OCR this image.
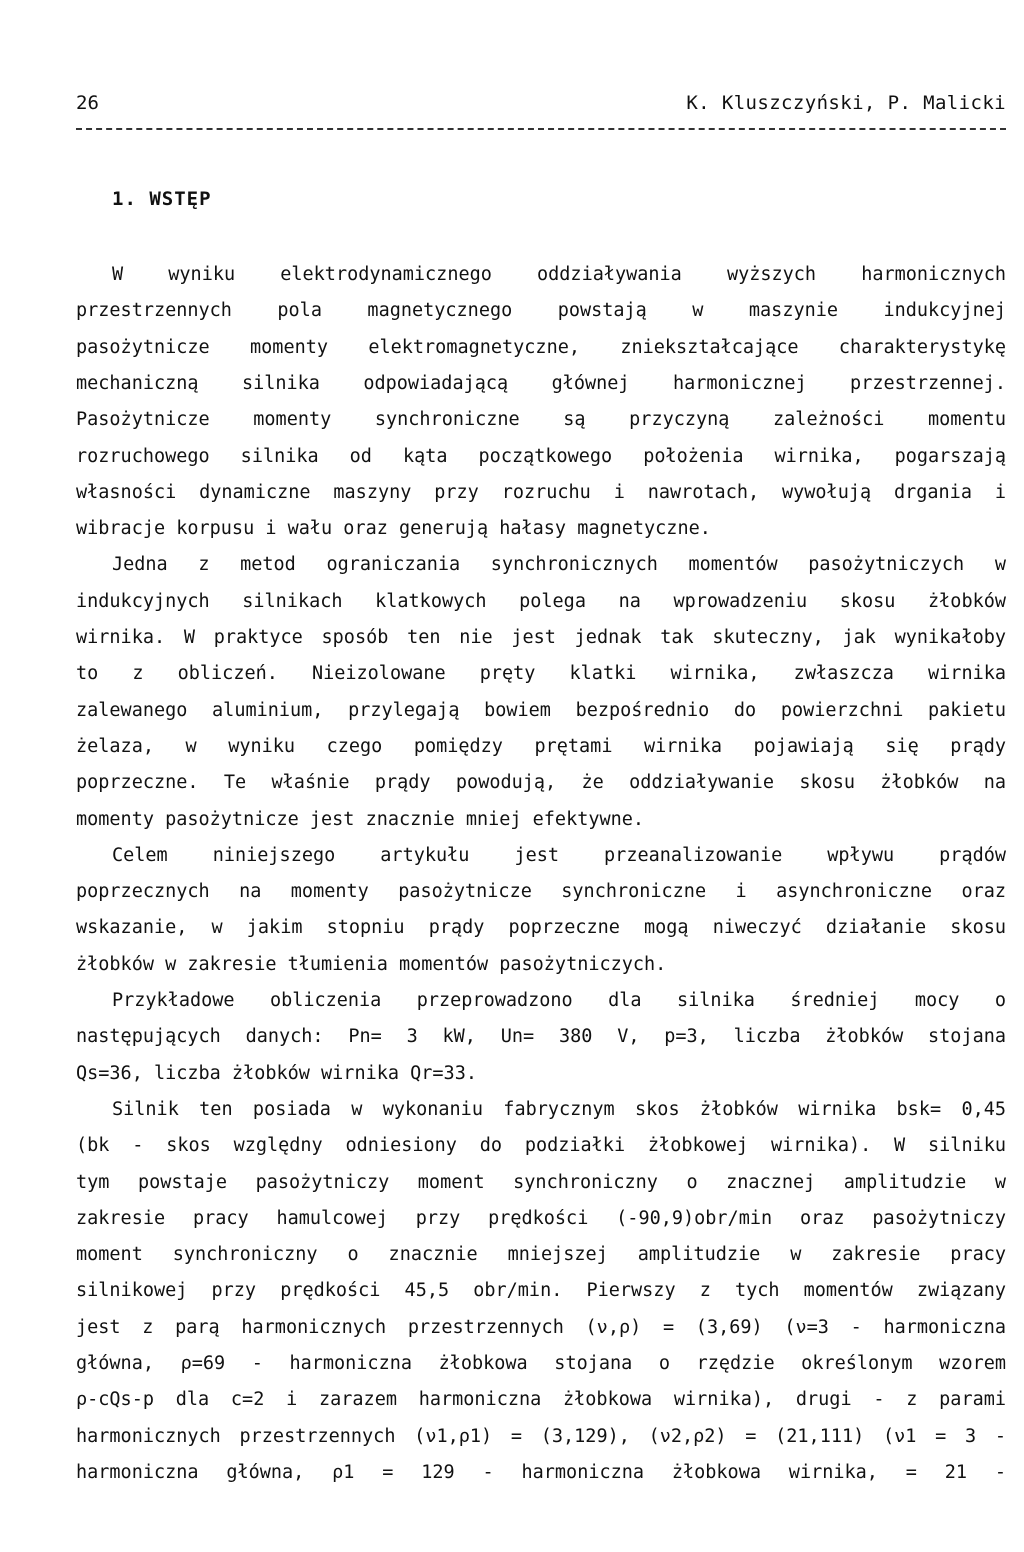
26	K. Kluszczyński, P. Malicki
1. WSTĘP
W wyniku elektrodynamicznego oddziaływania wyższych harmonicznych
przestrzennych pola magnetycznego powstają w maszynie indukcyjnej
pasożytnicze momenty elektromagnetyczne, zniekształcające charakterystykę
mechaniczną silnika odpowiadającą głównej harmonicznej przestrzennej.
Pasożytnicze momenty synchroniczne są przyczyną zależności momentu
rozruchowego silnika od kąta początkowego położenia wirnika, pogarszają
własności dynamiczne maszyny przy rozruchu i nawrotach, wywołują drgania i
wibracje korpusu i wału oraz generują hałasy magnetyczne.
Jedna z metod ograniczania synchronicznych momentów pasożytniczych w
indukcyjnych silnikach klatkowych polega na wprowadzeniu skosu żłobków
wirnika. W praktyce sposób ten nie jest jednak tak skuteczny, jak wynikałoby
to z obliczeń. Nieizolowane pręty klatki wirnika, zwłaszcza wirnika
zalewanego aluminium, przylegają bowiem bezpośrednio do powierzchni pakietu
żelaza, w wyniku czego pomiędzy prętami wirnika pojawiają się prądy
poprzeczne. Te właśnie prądy powodują, że oddziaływanie skosu żłobków na
momenty pasożytnicze jest znacznie mniej efektywne.
Celem niniejszego artykułu jest przeanalizowanie wpływu prądów
poprzecznych na momenty pasożytnicze synchroniczne i asynchroniczne oraz
wskazanie, w jakim stopniu prądy poprzeczne mogą niweczyć działanie skosu
żłobków w zakresie tłumienia momentów pasożytniczych.
Przykładowe obliczenia przeprowadzono dla silnika średniej mocy o
następujących danych: Pn= 3 kW, Un= 380 V, p=3, liczba żłobków stojana
Qs=36, liczba żłobków wirnika Qr=33.
Silnik ten posiada w wykonaniu fabrycznym skos żłobków wirnika bsk= 0,45
(bk - skos względny odniesiony do podziałki żłobkowej wirnika). W silniku
tym powstaje pasożytniczy moment synchroniczny o znacznej amplitudzie w
zakresie pracy hamulcowej przy prędkości (-90,9)obr/min oraz pasożytniczy
moment synchroniczny o znacznie mniejszej amplitudzie w zakresie pracy
silnikowej przy prędkości 45,5 obr/min. Pierwszy z tych momentów związany
jest z parą harmonicznych przestrzennych (ν,ρ) = (3,69) (ν=3 - harmoniczna
główna, ρ=69 - harmoniczna żłobkowa stojana o rzędzie określonym wzorem
ρ-cQs-p dla c=2 i zarazem harmoniczna żłobkowa wirnika), drugi - z parami
harmonicznych przestrzennych (ν1,ρ1) = (3,129), (ν2,ρ2) = (21,111) (ν1 = 3 -
harmoniczna główna, ρ1 = 129 - harmoniczna żłobkowa wirnika, = 21 -
